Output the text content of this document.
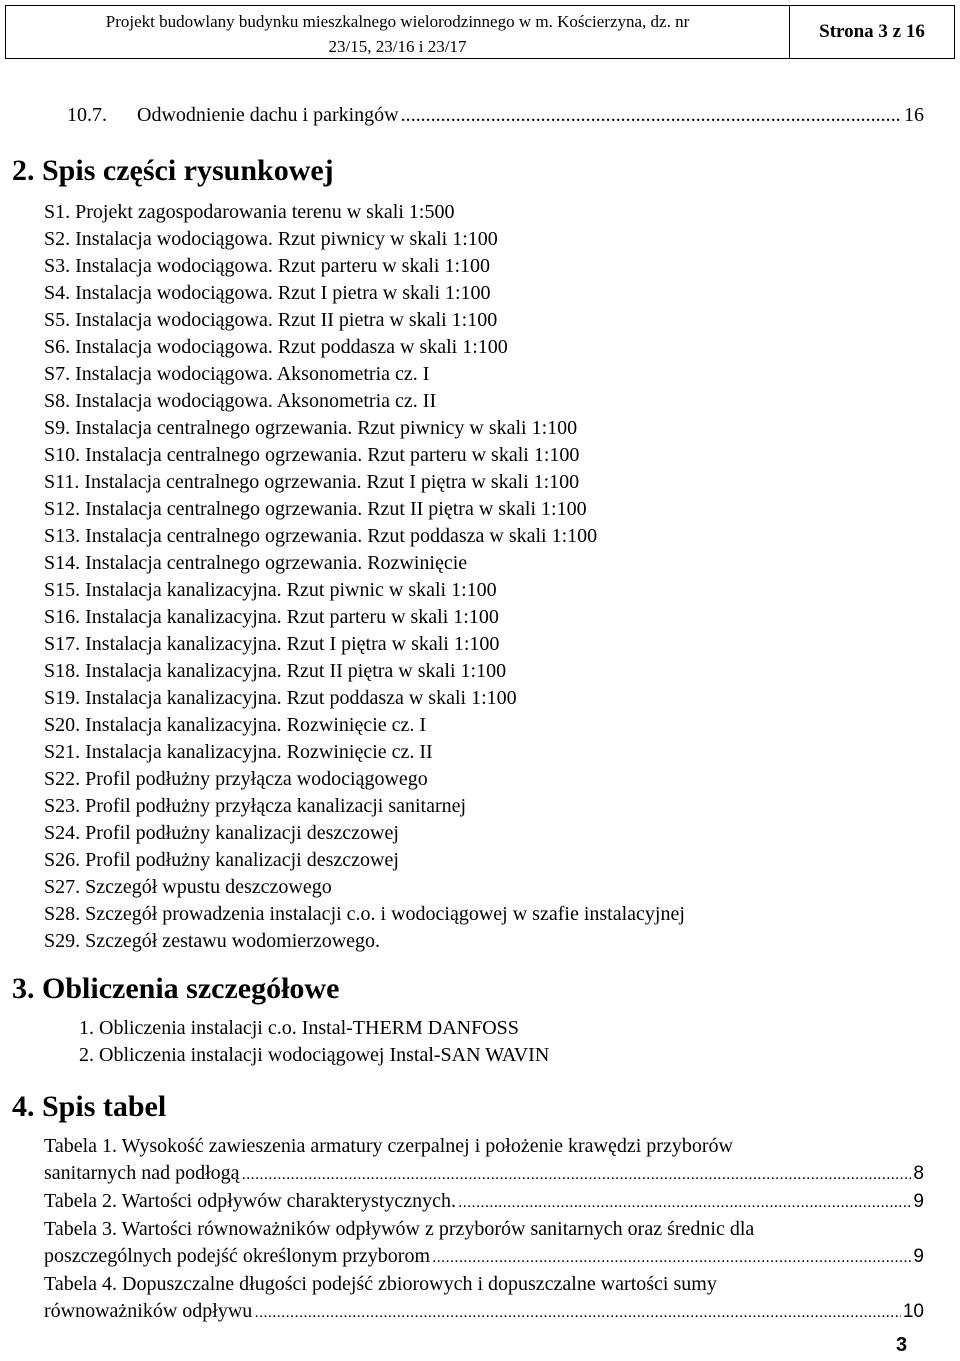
Projekt budowlany budynku mieszkalnego wielorodzinnego w m. Kościerzyna, dz. nr
23/15, 23/16 i 23/17
Strona 3 z 16
10.7.	Odwodnienie dachu i parkingów .....	16
2. Spis części rysunkowej
S1. Projekt zagospodarowania terenu w skali 1:500
S2. Instalacja wodociągowa. Rzut piwnicy w skali 1:100
S3. Instalacja wodociągowa. Rzut parteru w skali 1:100
S4. Instalacja wodociągowa. Rzut I pietra w skali 1:100
S5. Instalacja wodociągowa. Rzut II pietra w skali 1:100
S6. Instalacja wodociągowa. Rzut poddasza w skali 1:100
S7. Instalacja wodociągowa. Aksonometria cz. I
S8. Instalacja wodociągowa. Aksonometria cz. II
S9. Instalacja centralnego ogrzewania. Rzut piwnicy w skali 1:100
S10. Instalacja centralnego ogrzewania. Rzut parteru w skali 1:100
S11. Instalacja centralnego ogrzewania. Rzut I piętra w skali 1:100
S12. Instalacja centralnego ogrzewania. Rzut II piętra w skali 1:100
S13. Instalacja centralnego ogrzewania. Rzut poddasza w skali 1:100
S14. Instalacja centralnego ogrzewania. Rozwinięcie
S15. Instalacja kanalizacyjna. Rzut piwnic w skali 1:100
S16. Instalacja kanalizacyjna. Rzut parteru w skali 1:100
S17. Instalacja kanalizacyjna. Rzut I piętra w skali 1:100
S18. Instalacja kanalizacyjna. Rzut II piętra w skali 1:100
S19. Instalacja kanalizacyjna. Rzut poddasza w skali 1:100
S20. Instalacja kanalizacyjna. Rozwinięcie cz. I
S21. Instalacja kanalizacyjna. Rozwinięcie cz. II
S22. Profil podłużny przyłącza wodociągowego
S23. Profil podłużny przyłącza kanalizacji sanitarnej
S24. Profil podłużny kanalizacji deszczowej
S26. Profil podłużny kanalizacji deszczowej
S27. Szczegół wpustu deszczowego
S28. Szczegół prowadzenia instalacji c.o. i wodociągowej w szafie instalacyjnej
S29. Szczegół zestawu wodomierzowego.
3. Obliczenia szczegółowe
1. Obliczenia instalacji c.o. Instal-THERM DANFOSS
2. Obliczenia instalacji wodociągowej Instal-SAN WAVIN
4. Spis tabel
Tabela 1. Wysokość zawieszenia armatury czerpalnej i położenie krawędzi przyborów
sanitarnych nad podłogą .....	8
Tabela 2. Wartości odpływów charakterystycznych. .....	9
Tabela 3. Wartości równoważników odpływów z przyborów sanitarnych oraz średnic dla
poszczególnych podejść określonym przyborom .....	9
Tabela 4. Dopuszczalne długości podejść zbiorowych i dopuszczalne wartości sumy
równoważników odpływu .....	10
3
